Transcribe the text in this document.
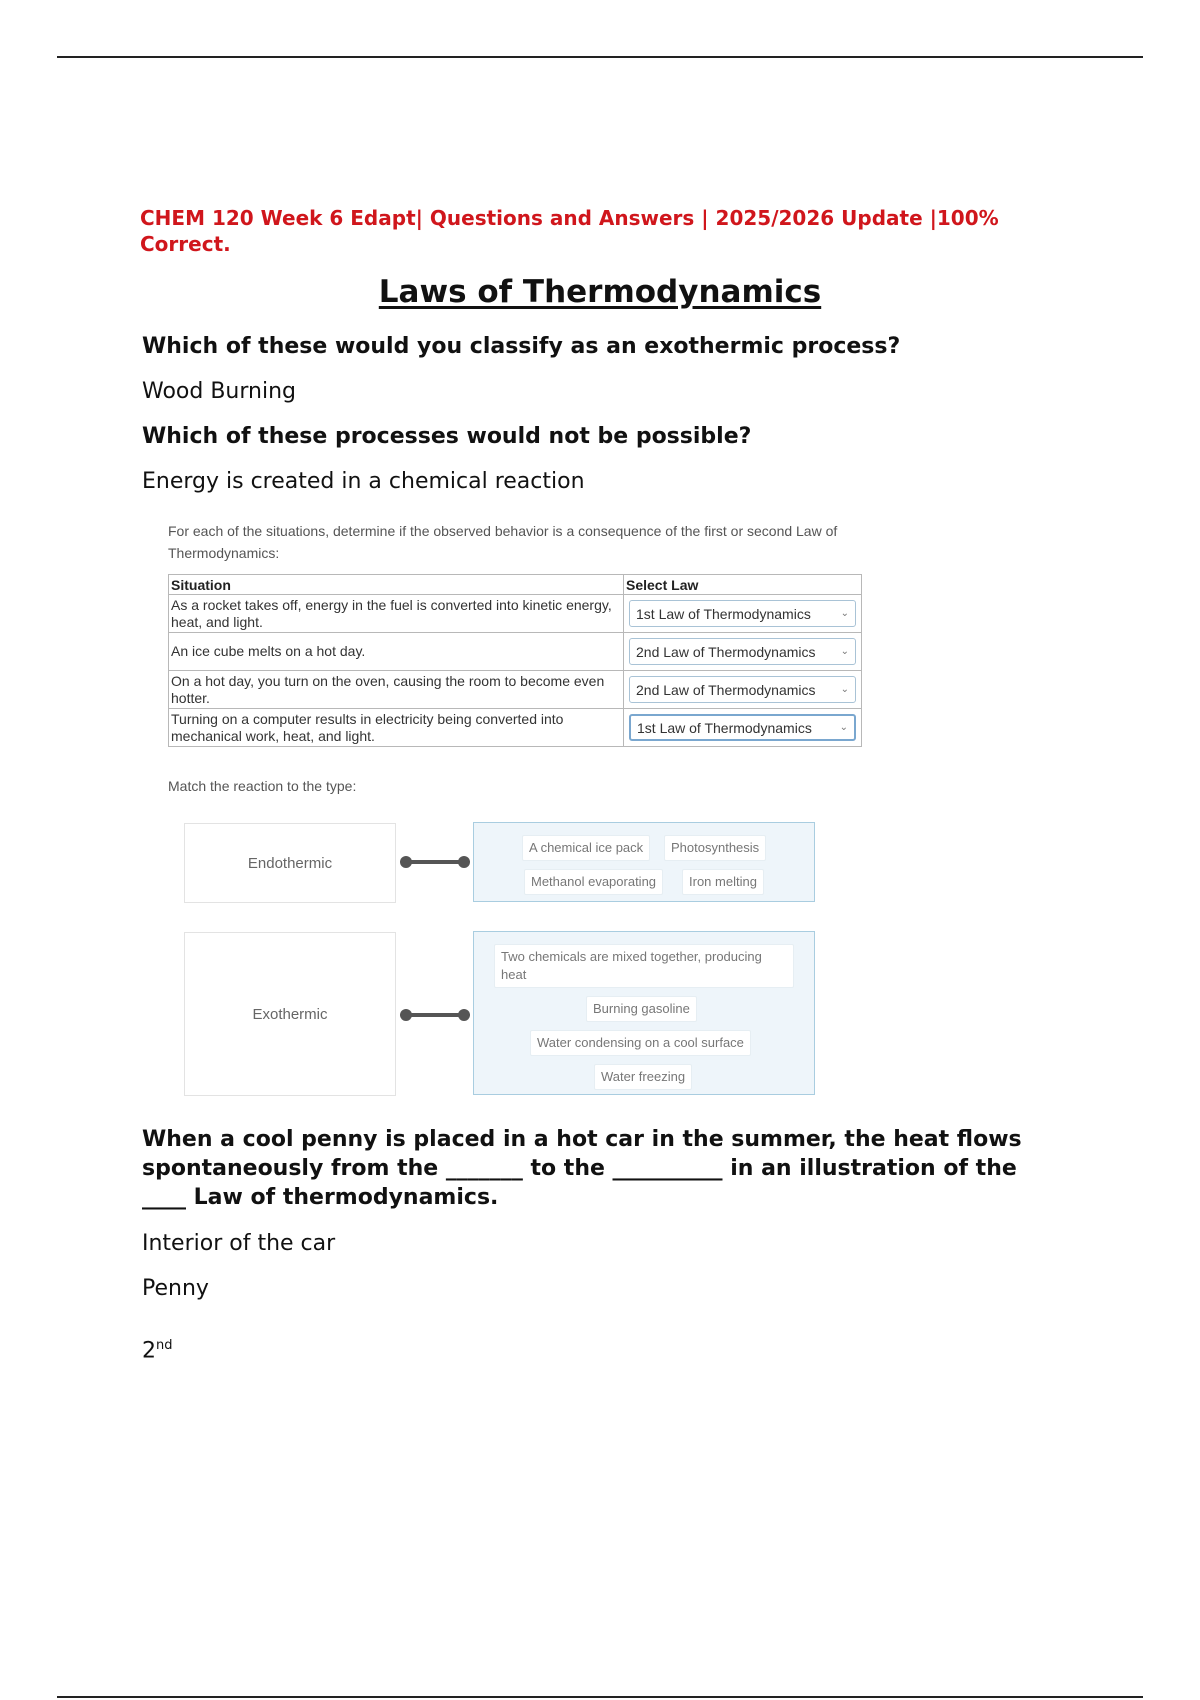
CHEM 120 Week 6 Edapt| Questions and Answers | 2025/2026 Update |100% Correct.
Laws of Thermodynamics
Which of these would you classify as an exothermic process?
Wood Burning
Which of these processes would not be possible?
Energy is created in a chemical reaction
For each of the situations, determine if the observed behavior is a consequence of the first or second Law of Thermodynamics:
Situation	Select Law
As a rocket takes off, energy in the fuel is converted into kinetic energy, heat, and light.	1st Law of Thermodynamics ⌄

An ice cube melts on a hot day.	2nd Law of Thermodynamics ⌄

On a hot day, you turn on the oven, causing the room to become even hotter.	2nd Law of Thermodynamics ⌄

Turning on a computer results in electricity being converted into mechanical work, heat, and light.	1st Law of Thermodynamics ⌄
Match the reaction to the type:
Endothermic
A chemical ice pack	Photosynthesis
Methanol evaporating	Iron melting
Exothermic
Two chemicals are mixed together, producing heat
Burning gasoline
Water condensing on a cool surface
Water freezing
When a cool penny is placed in a hot car in the summer, the heat flows spontaneously from the _______ to the __________ in an illustration of the ____ Law of thermodynamics.
Interior of the car
Penny
2nd
